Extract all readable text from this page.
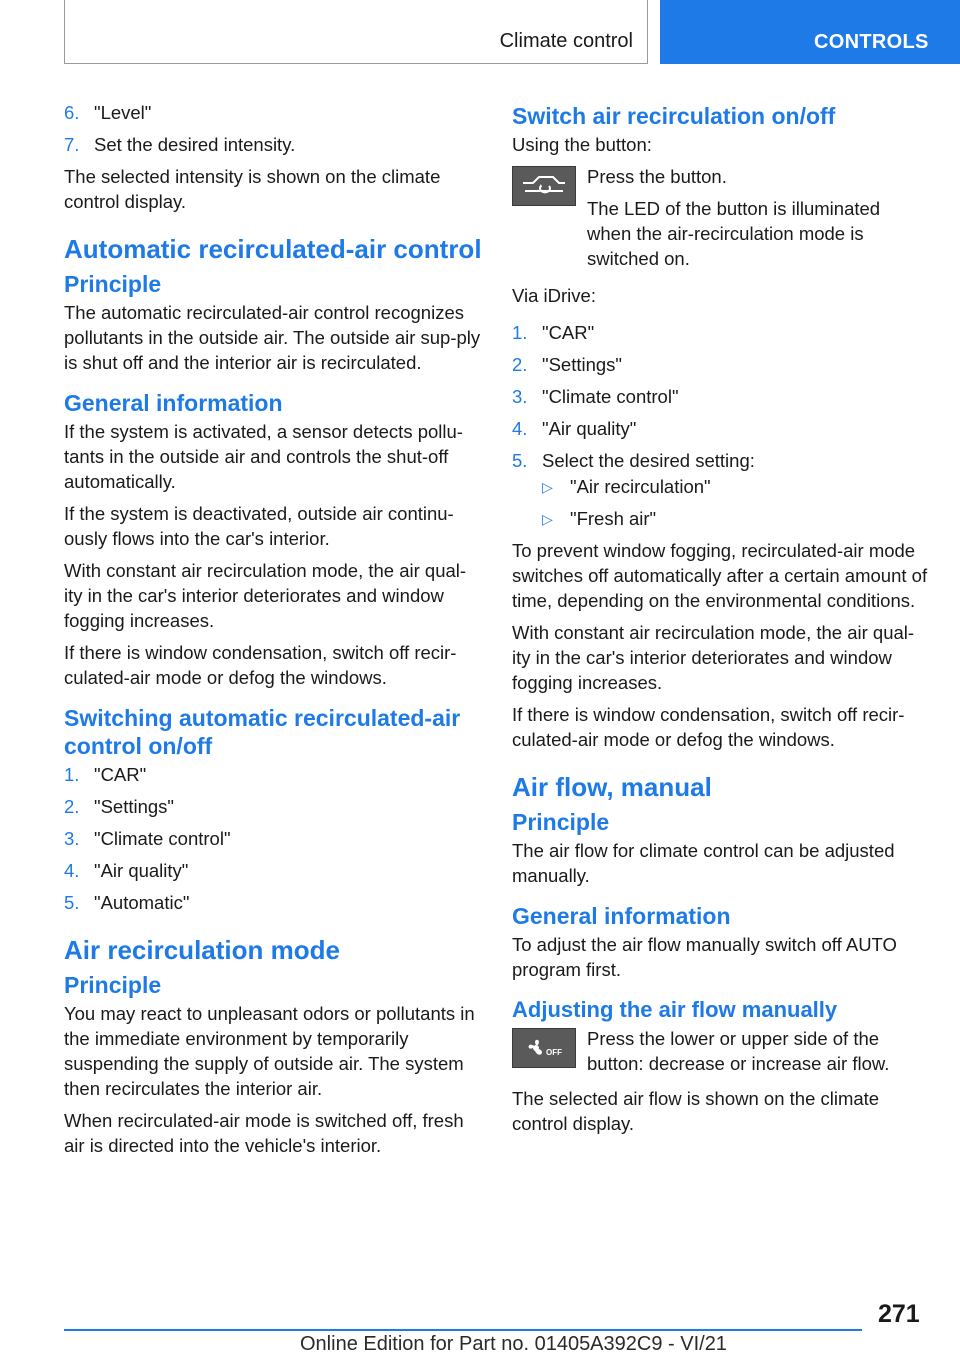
Climate control	CONTROLS
6. "Level"
7. Set the desired intensity.

The selected intensity is shown on the climate control display.

Automatic recirculated-air control
Principle

The automatic recirculated-air control recognizes pollutants in the outside air. The outside air sup-ply is shut off and the interior air is recirculated.

General information

If the system is activated, a sensor detects pollu-tants in the outside air and controls the shut-off automatically.

If the system is deactivated, outside air continu-ously flows into the car's interior.

With constant air recirculation mode, the air qual-ity in the car's interior deteriorates and window fogging increases.

If there is window condensation, switch off recir-culated-air mode or defog the windows.

Switching automatic recirculated-air control on/off
1. "CAR"
2. "Settings"
3. "Climate control"
4. "Air quality"
5. "Automatic"
Air recirculation mode
Principle

You may react to unpleasant odors or pollutants in the immediate environment by temporarily suspending the supply of outside air. The system then recirculates the interior air.

When recirculated-air mode is switched off, fresh air is directed into the vehicle's interior.

Switch air recirculation on/off

Using the button:

Press the button.

The LED of the button is illuminated when the air-recirculation mode is switched on.

Via iDrive:

1. "CAR"
2. "Settings"
3. "Climate control"
4. "Air quality"
5. Select the desired setting:
▷ "Air recirculation"
▷ "Fresh air"

To prevent window fogging, recirculated-air mode switches off automatically after a certain amount of time, depending on the environmental conditions.

With constant air recirculation mode, the air qual-ity in the car's interior deteriorates and window fogging increases.

If there is window condensation, switch off recir-culated-air mode or defog the windows.

Air flow, manual
Principle

The air flow for climate control can be adjusted manually.

General information

To adjust the air flow manually switch off AUTO program first.

Adjusting the air flow manually
OFF

Press the lower or upper side of the button: decrease or increase air flow.

The selected air flow is shown on the climate control display.

271
Online Edition for Part no. 01405A392C9 - VI/21
